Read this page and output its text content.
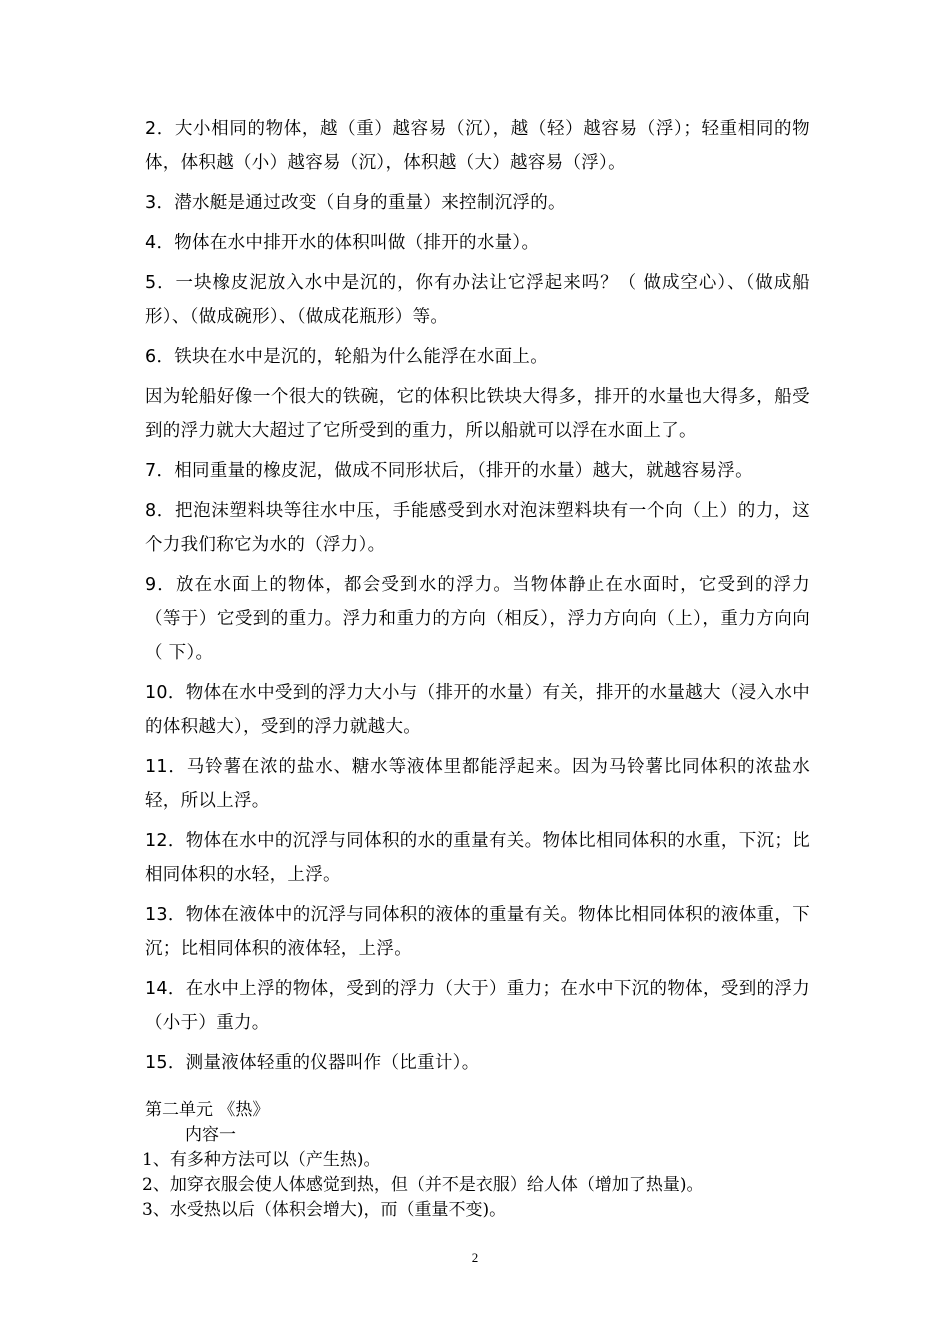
2．大小相同的物体，越（重）越容易（沉），越（轻）越容易（浮）；轻重相同的物体，体积越（小）越容易（沉），体积越（大）越容易（浮）。

3．潜水艇是通过改变（自身的重量）来控制沉浮的。

4．物体在水中排开水的体积叫做（排开的水量）。

5．一块橡皮泥放入水中是沉的，你有办法让它浮起来吗？（ 做成空心）、（做成船形）、（做成碗形）、（做成花瓶形）等。

6．铁块在水中是沉的，轮船为什么能浮在水面上。

因为轮船好像一个很大的铁碗，它的体积比铁块大得多，排开的水量也大得多，船受到的浮力就大大超过了它所受到的重力，所以船就可以浮在水面上了。

7．相同重量的橡皮泥，做成不同形状后，（排开的水量）越大，就越容易浮。

8．把泡沫塑料块等往水中压，手能感受到水对泡沫塑料块有一个向（上）的力，这个力我们称它为水的（浮力）。

9．放在水面上的物体，都会受到水的浮力。当物体静止在水面时，它受到的浮力（等于）它受到的重力。浮力和重力的方向（相反），浮力方向向（上），重力方向向（ 下）。

10．物体在水中受到的浮力大小与（排开的水量）有关，排开的水量越大（浸入水中的体积越大），受到的浮力就越大。

11．马铃薯在浓的盐水、糖水等液体里都能浮起来。因为马铃薯比同体积的浓盐水轻，所以上浮。

12．物体在水中的沉浮与同体积的水的重量有关。物体比相同体积的水重，下沉；比相同体积的水轻，上浮。

13．物体在液体中的沉浮与同体积的液体的重量有关。物体比相同体积的液体重，下沉；比相同体积的液体轻，上浮。

14．在水中上浮的物体，受到的浮力（大于）重力；在水中下沉的物体，受到的浮力（小于）重力。

15．测量液体轻重的仪器叫作（比重计）。

第二单元 《热》

内容一

1、有多种方法可以（产生热)。

2、加穿衣服会使人体感觉到热，但（并不是衣服）给人体（增加了热量)。

3、水受热以后（体积会增大)，而（重量不变)。

2
